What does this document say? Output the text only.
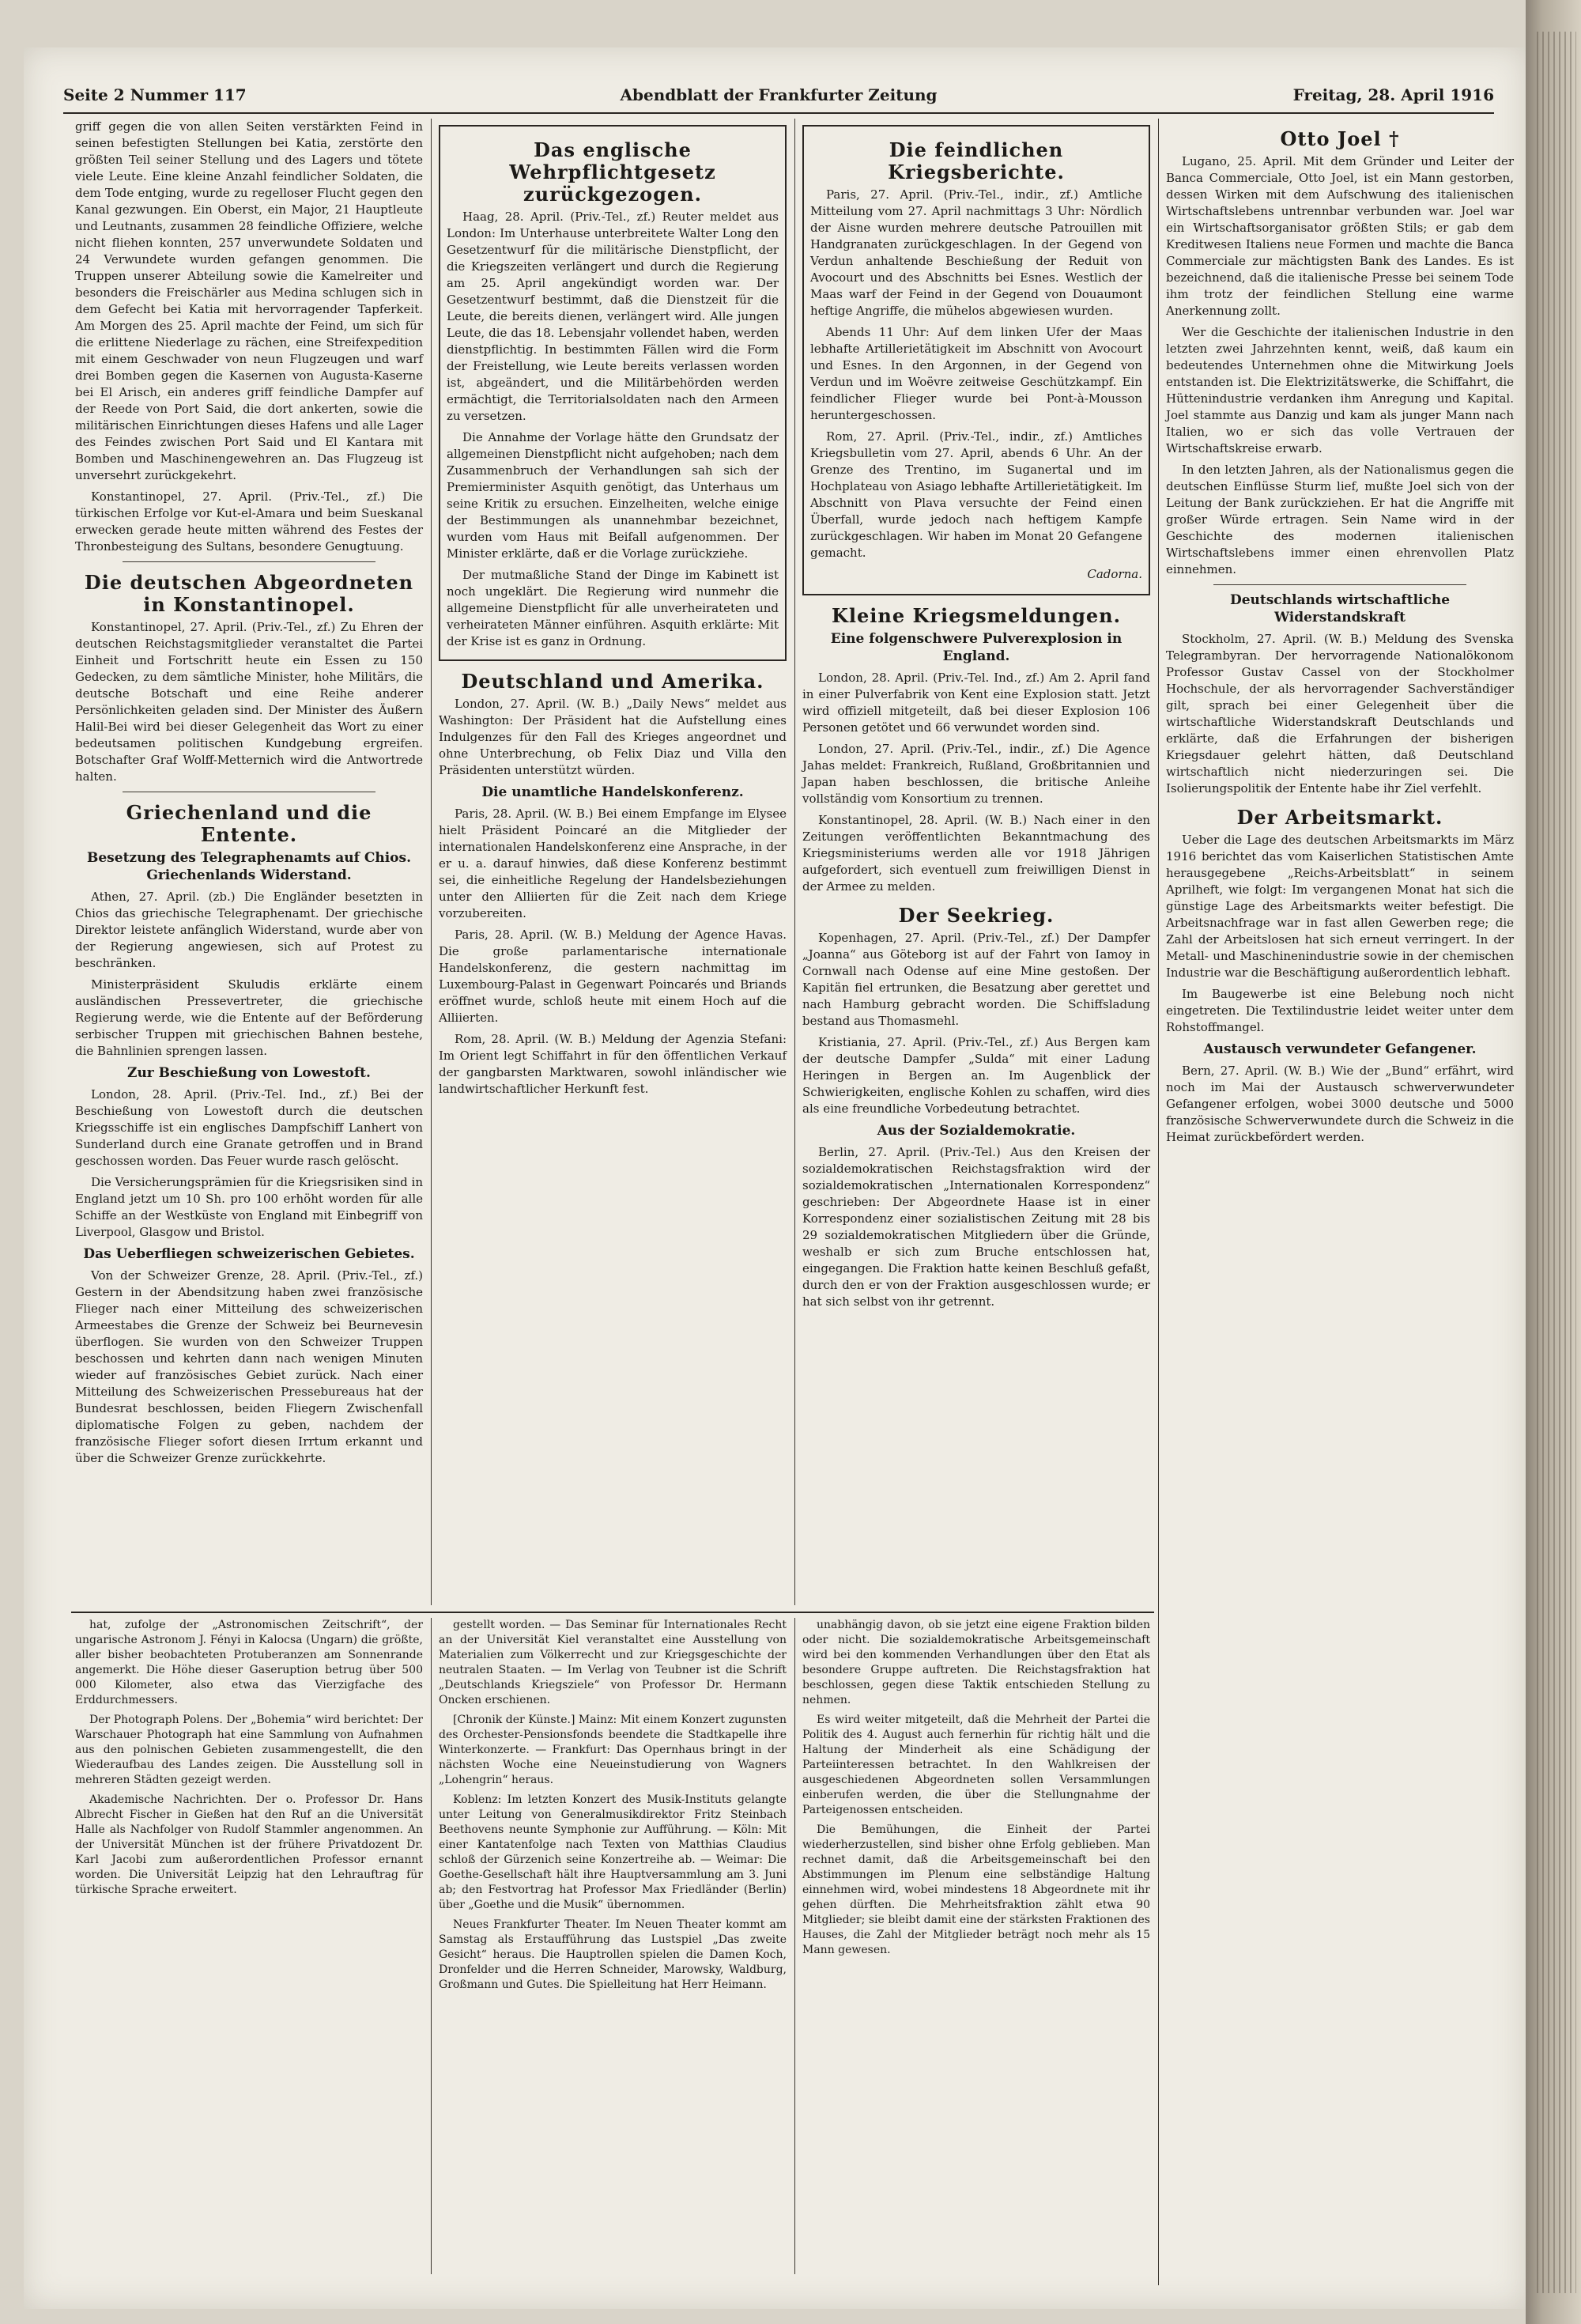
Seite 2 Nummer 117	Abendblatt der Frankfurter Zeitung	Freitag, 28. April 1916

griff gegen die von allen Seiten verstärkten Feind in seinen befestigten Stellungen bei Katia, zerstörte den größten Teil seiner Stellung und des Lagers und tötete viele Leute. Eine kleine Anzahl feindlicher Soldaten, die dem Tode entging, wurde zu regelloser Flucht gegen den Kanal gezwungen. Ein Oberst, ein Major, 21 Hauptleute und Leutnants, zusammen 28 feindliche Offiziere, welche nicht fliehen konnten, 257 unverwundete Soldaten und 24 Verwundete wurden gefangen genommen. Die Truppen unserer Abteilung sowie die Kamelreiter und besonders die Freischärler aus Medina schlugen sich in dem Gefecht bei Katia mit hervorragender Tapferkeit. Am Morgen des 25. April machte der Feind, um sich für die erlittene Niederlage zu rächen, eine Streifexpedition mit einem Geschwader von neun Flugzeugen und warf drei Bomben gegen die Kasernen von Augusta-Kaserne bei El Arisch, ein anderes griff feindliche Dampfer auf der Reede von Port Said, die dort ankerten, sowie die militärischen Einrichtungen dieses Hafens und alle Lager des Feindes zwischen Port Said und El Kantara mit Bomben und Maschinengewehren an. Das Flugzeug ist unversehrt zurückgekehrt.

Konstantinopel, 27. April. (Priv.-Tel., zf.) Die türkischen Erfolge vor Kut-el-Amara und beim Sueskanal erwecken gerade heute mitten während des Festes der Thronbesteigung des Sultans, besondere Genugtuung.

Die deutschen Abgeordneten in Konstantinopel.

Konstantinopel, 27. April. (Priv.-Tel., zf.) Zu Ehren der deutschen Reichstagsmitglieder veranstaltet die Partei Einheit und Fortschritt heute ein Essen zu 150 Gedecken, zu dem sämtliche Minister, hohe Militärs, die deutsche Botschaft und eine Reihe anderer Persönlichkeiten geladen sind. Der Minister des Äußern Halil-Bei wird bei dieser Gelegenheit das Wort zu einer bedeutsamen politischen Kundgebung ergreifen. Botschafter Graf Wolff-Metternich wird die Antwortrede halten.

Griechenland und die Entente.
Besetzung des Telegraphenamts auf Chios. Griechenlands Widerstand.

Athen, 27. April. (zb.) Die Engländer besetzten in Chios das griechische Telegraphenamt. Der griechische Direktor leistete anfänglich Widerstand, wurde aber von der Regierung angewiesen, sich auf Protest zu beschränken.

Ministerpräsident Skuludis erklärte einem ausländischen Pressevertreter, die griechische Regierung werde, wie die Entente auf der Beförderung serbischer Truppen mit griechischen Bahnen bestehe, die Bahnlinien sprengen lassen.

Zur Beschießung von Lowestoft.

London, 28. April. (Priv.-Tel. Ind., zf.) Bei der Beschießung von Lowestoft durch die deutschen Kriegsschiffe ist ein englisches Dampfschiff Lanhert von Sunderland durch eine Granate getroffen und in Brand geschossen worden. Das Feuer wurde rasch gelöscht.

Die Versicherungsprämien für die Kriegsrisiken sind in England jetzt um 10 Sh. pro 100 erhöht worden für alle Schiffe an der Westküste von England mit Einbegriff von Liverpool, Glasgow und Bristol.

Das Ueberfliegen schweizerischen Gebietes.

Von der Schweizer Grenze, 28. April. (Priv.-Tel., zf.) Gestern in der Abendsitzung haben zwei französische Flieger nach einer Mitteilung des schweizerischen Armeestabes die Grenze der Schweiz bei Beurnevesin überflogen. Sie wurden von den Schweizer Truppen beschossen und kehrten dann nach wenigen Minuten wieder auf französisches Gebiet zurück. Nach einer Mitteilung des Schweizerischen Pressebureaus hat der Bundesrat beschlossen, beiden Fliegern Zwischenfall diplomatische Folgen zu geben, nachdem der französische Flieger sofort diesen Irrtum erkannt und über die Schweizer Grenze zurückkehrte.

Das englische Wehrpflichtgesetz zurückgezogen.

Haag, 28. April. (Priv.-Tel., zf.) Reuter meldet aus London: Im Unterhause unterbreitete Walter Long den Gesetzentwurf für die militärische Dienstpflicht, der die Kriegszeiten verlängert und durch die Regierung am 25. April angekündigt worden war. Der Gesetzentwurf bestimmt, daß die Dienstzeit für die Leute, die bereits dienen, verlängert wird. Alle jungen Leute, die das 18. Lebensjahr vollendet haben, werden dienstpflichtig. In bestimmten Fällen wird die Form der Freistellung, wie Leute bereits verlassen worden ist, abgeändert, und die Militärbehörden werden ermächtigt, die Territorialsoldaten nach den Armeen zu versetzen.

Die Annahme der Vorlage hätte den Grundsatz der allgemeinen Dienstpflicht nicht aufgehoben; nach dem Zusammenbruch der Verhandlungen sah sich der Premierminister Asquith genötigt, das Unterhaus um seine Kritik zu ersuchen. Einzelheiten, welche einige der Bestimmungen als unannehmbar bezeichnet, wurden vom Haus mit Beifall aufgenommen. Der Minister erklärte, daß er die Vorlage zurückziehe.

Der mutmaßliche Stand der Dinge im Kabinett ist noch ungeklärt. Die Regierung wird nunmehr die allgemeine Dienstpflicht für alle unverheirateten und verheirateten Männer einführen. Asquith erklärte: Mit der Krise ist es ganz in Ordnung.

Deutschland und Amerika.

London, 27. April. (W. B.) „Daily News“ meldet aus Washington: Der Präsident hat die Aufstellung eines Indulgenzes für den Fall des Krieges angeordnet und ohne Unterbrechung, ob Felix Diaz und Villa den Präsidenten unterstützt würden.

Die unamtliche Handelskonferenz.

Paris, 28. April. (W. B.) Bei einem Empfange im Elysee hielt Präsident Poincaré an die Mitglieder der internationalen Handelskonferenz eine Ansprache, in der er u. a. darauf hinwies, daß diese Konferenz bestimmt sei, die einheitliche Regelung der Handelsbeziehungen unter den Alliierten für die Zeit nach dem Kriege vorzubereiten.

Paris, 28. April. (W. B.) Meldung der Agence Havas. Die große parlamentarische internationale Handelskonferenz, die gestern nachmittag im Luxembourg-Palast in Gegenwart Poincarés und Briands eröffnet wurde, schloß heute mit einem Hoch auf die Alliierten.

Rom, 28. April. (W. B.) Meldung der Agenzia Stefani: Im Orient legt Schiffahrt in für den öffentlichen Verkauf der gangbarsten Marktwaren, sowohl inländischer wie landwirtschaftlicher Herkunft fest.

Die feindlichen Kriegsberichte.

Paris, 27. April. (Priv.-Tel., indir., zf.) Amtliche Mitteilung vom 27. April nachmittags 3 Uhr: Nördlich der Aisne wurden mehrere deutsche Patrouillen mit Handgranaten zurückgeschlagen. In der Gegend von Verdun anhaltende Beschießung der Reduit von Avocourt und des Abschnitts bei Esnes. Westlich der Maas warf der Feind in der Gegend von Douaumont heftige Angriffe, die mühelos abgewiesen wurden.

Abends 11 Uhr: Auf dem linken Ufer der Maas lebhafte Artillerietätigkeit im Abschnitt von Avocourt und Esnes. In den Argonnen, in der Gegend von Verdun und im Woëvre zeitweise Geschützkampf. Ein feindlicher Flieger wurde bei Pont-à-Mousson heruntergeschossen.

Rom, 27. April. (Priv.-Tel., indir., zf.) Amtliches Kriegsbulletin vom 27. April, abends 6 Uhr. An der Grenze des Trentino, im Suganertal und im Hochplateau von Asiago lebhafte Artillerietätigkeit. Im Abschnitt von Plava versuchte der Feind einen Überfall, wurde jedoch nach heftigem Kampfe zurückgeschlagen. Wir haben im Monat 20 Gefangene gemacht.

Cadorna.
Kleine Kriegsmeldungen.
Eine folgenschwere Pulverexplosion in England.

London, 28. April. (Priv.-Tel. Ind., zf.) Am 2. April fand in einer Pulverfabrik von Kent eine Explosion statt. Jetzt wird offiziell mitgeteilt, daß bei dieser Explosion 106 Personen getötet und 66 verwundet worden sind.

London, 27. April. (Priv.-Tel., indir., zf.) Die Agence Jahas meldet: Frankreich, Rußland, Großbritannien und Japan haben beschlossen, die britische Anleihe vollständig vom Konsortium zu trennen.

Konstantinopel, 28. April. (W. B.) Nach einer in den Zeitungen veröffentlichten Bekanntmachung des Kriegsministeriums werden alle vor 1918 Jährigen aufgefordert, sich eventuell zum freiwilligen Dienst in der Armee zu melden.

Der Seekrieg.

Kopenhagen, 27. April. (Priv.-Tel., zf.) Der Dampfer „Joanna“ aus Göteborg ist auf der Fahrt von Iamoy in Cornwall nach Odense auf eine Mine gestoßen. Der Kapitän fiel ertrunken, die Besatzung aber gerettet und nach Hamburg gebracht worden. Die Schiffsladung bestand aus Thomasmehl.

Kristiania, 27. April. (Priv.-Tel., zf.) Aus Bergen kam der deutsche Dampfer „Sulda“ mit einer Ladung Heringen in Bergen an. Im Augenblick der Schwierigkeiten, englische Kohlen zu schaffen, wird dies als eine freundliche Vorbedeutung betrachtet.

Aus der Sozialdemokratie.

Berlin, 27. April. (Priv.-Tel.) Aus den Kreisen der sozialdemokratischen Reichstagsfraktion wird der sozialdemokratischen „Internationalen Korrespondenz“ geschrieben: Der Abgeordnete Haase ist in einer Korrespondenz einer sozialistischen Zeitung mit 28 bis 29 sozialdemokratischen Mitgliedern über die Gründe, weshalb er sich zum Bruche entschlossen hat, eingegangen. Die Fraktion hatte keinen Beschluß gefaßt, durch den er von der Fraktion ausgeschlossen wurde; er hat sich selbst von ihr getrennt.

Otto Joel †

Lugano, 25. April. Mit dem Gründer und Leiter der Banca Commerciale, Otto Joel, ist ein Mann gestorben, dessen Wirken mit dem Aufschwung des italienischen Wirtschaftslebens untrennbar verbunden war. Joel war ein Wirtschaftsorganisator größten Stils; er gab dem Kreditwesen Italiens neue Formen und machte die Banca Commerciale zur mächtigsten Bank des Landes. Es ist bezeichnend, daß die italienische Presse bei seinem Tode ihm trotz der feindlichen Stellung eine warme Anerkennung zollt.

Wer die Geschichte der italienischen Industrie in den letzten zwei Jahrzehnten kennt, weiß, daß kaum ein bedeutendes Unternehmen ohne die Mitwirkung Joels entstanden ist. Die Elektrizitätswerke, die Schiffahrt, die Hüttenindustrie verdanken ihm Anregung und Kapital. Joel stammte aus Danzig und kam als junger Mann nach Italien, wo er sich das volle Vertrauen der Wirtschaftskreise erwarb.

In den letzten Jahren, als der Nationalismus gegen die deutschen Einflüsse Sturm lief, mußte Joel sich von der Leitung der Bank zurückziehen. Er hat die Angriffe mit großer Würde ertragen. Sein Name wird in der Geschichte des modernen italienischen Wirtschaftslebens immer einen ehrenvollen Platz einnehmen.

Deutschlands wirtschaftliche Widerstandskraft

Stockholm, 27. April. (W. B.) Meldung des Svenska Telegrambyran. Der hervorragende Nationalökonom Professor Gustav Cassel von der Stockholmer Hochschule, der als hervorragender Sachverständiger gilt, sprach bei einer Gelegenheit über die wirtschaftliche Widerstandskraft Deutschlands und erklärte, daß die Erfahrungen der bisherigen Kriegsdauer gelehrt hätten, daß Deutschland wirtschaftlich nicht niederzuringen sei. Die Isolierungspolitik der Entente habe ihr Ziel verfehlt.

Der Arbeitsmarkt.

Ueber die Lage des deutschen Arbeitsmarkts im März 1916 berichtet das vom Kaiserlichen Statistischen Amte herausgegebene „Reichs-Arbeitsblatt“ in seinem Aprilheft, wie folgt: Im vergangenen Monat hat sich die günstige Lage des Arbeitsmarkts weiter befestigt. Die Arbeitsnachfrage war in fast allen Gewerben rege; die Zahl der Arbeitslosen hat sich erneut verringert. In der Metall- und Maschinenindustrie sowie in der chemischen Industrie war die Beschäftigung außerordentlich lebhaft.

Im Baugewerbe ist eine Belebung noch nicht eingetreten. Die Textilindustrie leidet weiter unter dem Rohstoffmangel.

Austausch verwundeter Gefangener.

Bern, 27. April. (W. B.) Wie der „Bund“ erfährt, wird noch im Mai der Austausch schwerverwundeter Gefangener erfolgen, wobei 3000 deutsche und 5000 französische Schwerverwundete durch die Schweiz in die Heimat zurückbefördert werden.

hat, zufolge der „Astronomischen Zeitschrift“, der ungarische Astronom J. Fényi in Kalocsa (Ungarn) die größte, aller bisher beobachteten Protuberanzen am Sonnenrande angemerkt. Die Höhe dieser Gaseruption betrug über 500 000 Kilometer, also etwa das Vierzigfache des Erddurchmessers.

Der Photograph Polens. Der „Bohemia“ wird berichtet: Der Warschauer Photograph hat eine Sammlung von Aufnahmen aus den polnischen Gebieten zusammengestellt, die den Wiederaufbau des Landes zeigen. Die Ausstellung soll in mehreren Städten gezeigt werden.

Akademische Nachrichten. Der o. Professor Dr. Hans Albrecht Fischer in Gießen hat den Ruf an die Universität Halle als Nachfolger von Rudolf Stammler angenommen. An der Universität München ist der frühere Privatdozent Dr. Karl Jacobi zum außerordentlichen Professor ernannt worden. Die Universität Leipzig hat den Lehrauftrag für türkische Sprache erweitert.

gestellt worden. — Das Seminar für Internationales Recht an der Universität Kiel veranstaltet eine Ausstellung von Materialien zum Völkerrecht und zur Kriegsgeschichte der neutralen Staaten. — Im Verlag von Teubner ist die Schrift „Deutschlands Kriegsziele“ von Professor Dr. Hermann Oncken erschienen.

[Chronik der Künste.] Mainz: Mit einem Konzert zugunsten des Orchester-Pensionsfonds beendete die Stadtkapelle ihre Winterkonzerte. — Frankfurt: Das Opernhaus bringt in der nächsten Woche eine Neueinstudierung von Wagners „Lohengrin“ heraus.

Koblenz: Im letzten Konzert des Musik-Instituts gelangte unter Leitung von Generalmusikdirektor Fritz Steinbach Beethovens neunte Symphonie zur Aufführung. — Köln: Mit einer Kantatenfolge nach Texten von Matthias Claudius schloß der Gürzenich seine Konzertreihe ab. — Weimar: Die Goethe-Gesellschaft hält ihre Hauptversammlung am 3. Juni ab; den Festvortrag hat Professor Max Friedländer (Berlin) über „Goethe und die Musik“ übernommen.

Neues Frankfurter Theater. Im Neuen Theater kommt am Samstag als Erstaufführung das Lustspiel „Das zweite Gesicht“ heraus. Die Hauptrollen spielen die Damen Koch, Dronfelder und die Herren Schneider, Marowsky, Waldburg, Großmann und Gutes. Die Spielleitung hat Herr Heimann.

unabhängig davon, ob sie jetzt eine eigene Fraktion bilden oder nicht. Die sozialdemokratische Arbeitsgemeinschaft wird bei den kommenden Verhandlungen über den Etat als besondere Gruppe auftreten. Die Reichstagsfraktion hat beschlossen, gegen diese Taktik entschieden Stellung zu nehmen.

Es wird weiter mitgeteilt, daß die Mehrheit der Partei die Politik des 4. August auch fernerhin für richtig hält und die Haltung der Minderheit als eine Schädigung der Parteiinteressen betrachtet. In den Wahlkreisen der ausgeschiedenen Abgeordneten sollen Versammlungen einberufen werden, die über die Stellungnahme der Parteigenossen entscheiden.

Die Bemühungen, die Einheit der Partei wiederherzustellen, sind bisher ohne Erfolg geblieben. Man rechnet damit, daß die Arbeitsgemeinschaft bei den Abstimmungen im Plenum eine selbständige Haltung einnehmen wird, wobei mindestens 18 Abgeordnete mit ihr gehen dürften. Die Mehrheitsfraktion zählt etwa 90 Mitglieder; sie bleibt damit eine der stärksten Fraktionen des Hauses, die Zahl der Mitglieder beträgt noch mehr als 15 Mann gewesen.
